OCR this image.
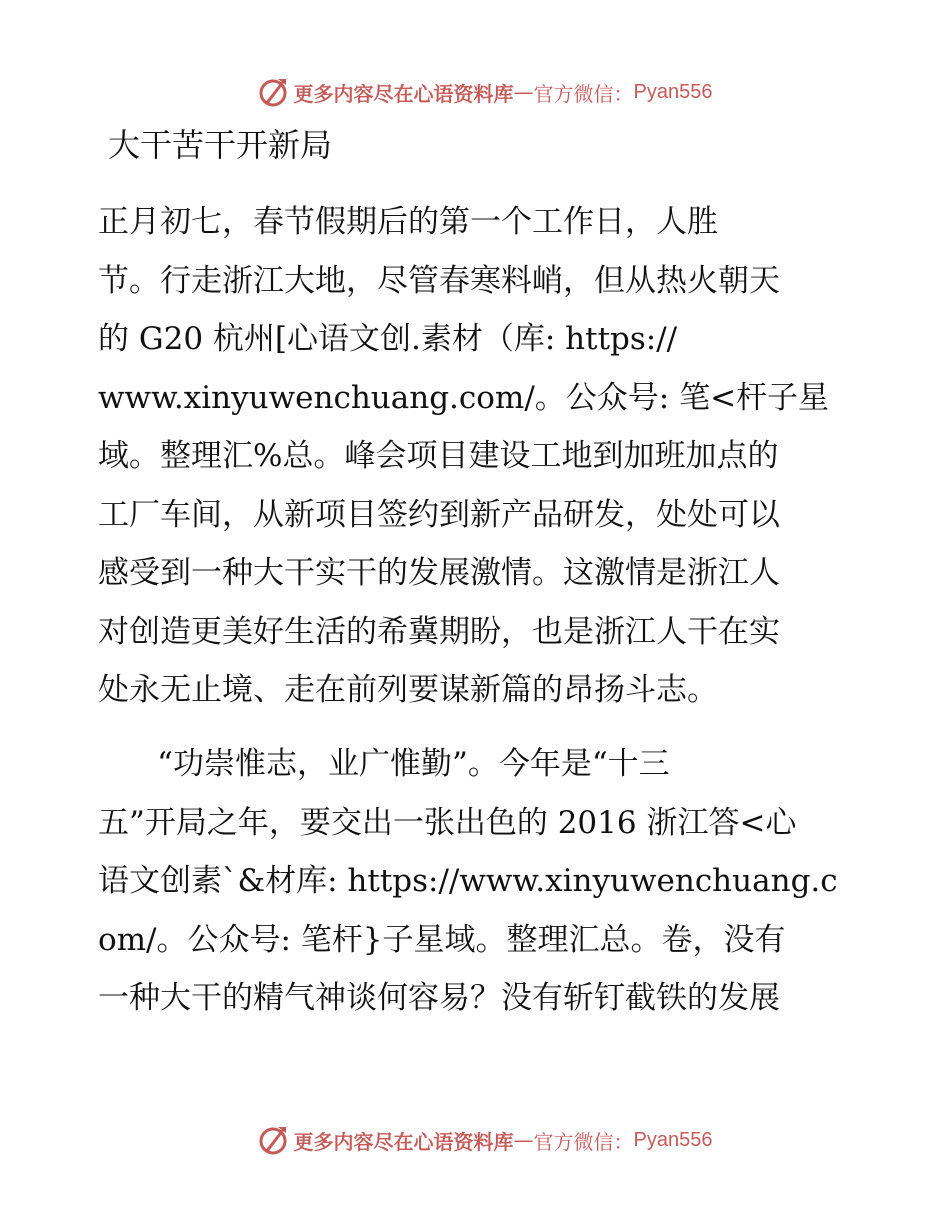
更多内容尽在心语资料库 — 官方微信： Pyan556
大干苦干开新局
正月初七，春节假期后的第一个工作日，人胜
节。行走浙江大地，尽管春寒料峭，但从热火朝天
的 G20 杭州[心语文创.素材（库: https://
www.xinyuwenchuang.com/。公众号: 笔<杆子星
域。整理汇%总。峰会项目建设工地到加班加点的
工厂车间，从新项目签约到新产品研发，处处可以
感受到一种大干实干的发展激情。这激情是浙江人
对创造更美好生活的希冀期盼，也是浙江人干在实
处永无止境、走在前列要谋新篇的昂扬斗志。
“功崇惟志，业广惟勤”。今年是“十三
五”开局之年，要交出一张出色的 2016 浙江答<心
语文创素`&材库: https://www.xinyuwenchuang.c
om/。公众号: 笔杆}子星域。整理汇总。卷，没有
一种大干的精气神谈何容易？没有斩钉截铁的发展
更多内容尽在心语资料库 — 官方微信： Pyan556
